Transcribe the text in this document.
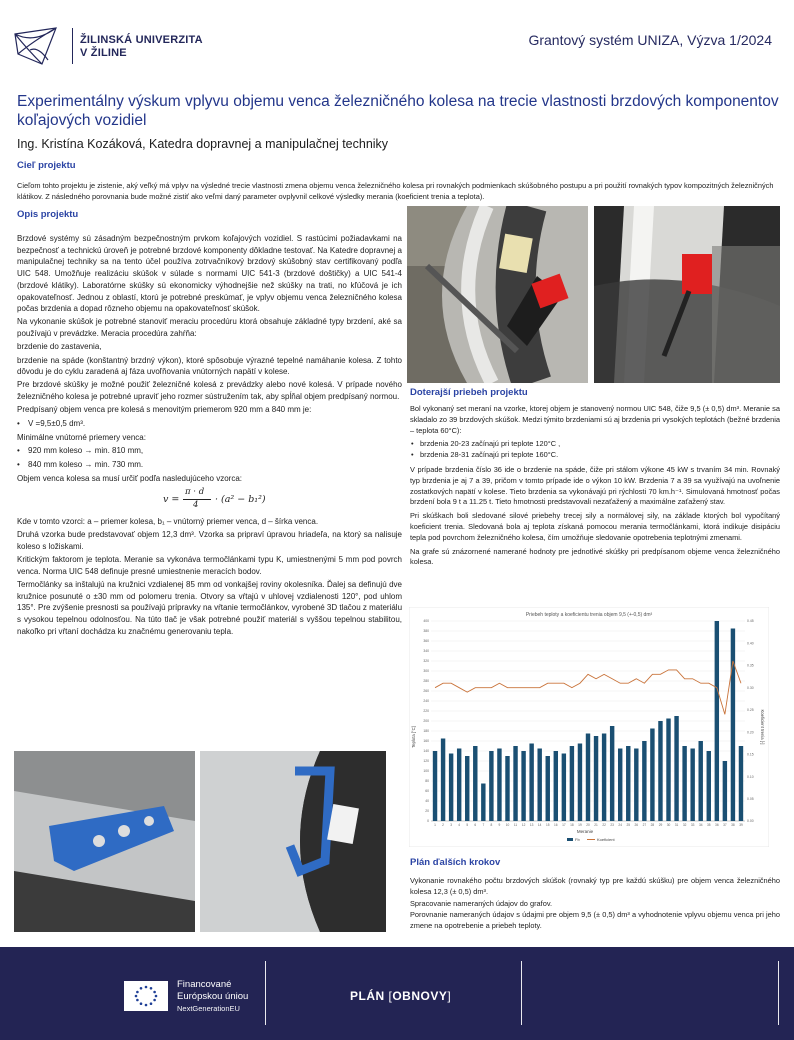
ŽILINSKÁ UNIVERZITA
V ŽILINE
Grantový systém UNIZA, Výzva 1/2024
Experimentálny výskum vplyvu objemu venca železničného kolesa na trecie vlastnosti brzdových komponentov koľajových vozidiel
Ing. Kristína Kozáková, Katedra dopravnej a manipulačnej techniky
Cieľ projektu
Cieľom tohto projektu je zistenie, aký veľký má vplyv na výsledné trecie vlastnosti zmena objemu venca železničného kolesa pri rovnakých podmienkach skúšobného postupu a pri použití rovnakých typov kompozitných železničných klátikov. Z následného porovnania bude možné zistiť ako veľmi daný parameter ovplyvnil celkové výsledky merania (koeficient trenia a teplota).
Opis projektu
Brzdové systémy sú zásadným bezpečnostným prvkom koľajových vozidiel. S rastúcimi požiadavkami na bezpečnosť a technickú úroveň je potrebné brzdové komponenty dôkladne testovať. Na Katedre dopravnej a manipulačnej techniky sa na tento účel používa zotrvačníkový brzdový skúšobný stav certifikovaný podľa UIC 548. Umožňuje realizáciu skúšok v súlade s normami UIC 541-3 (brzdové doštičky) a UIC 541-4 (brzdové klátiky). Laboratórne skúšky sú ekonomicky výhodnejšie než skúšky na trati, no kľúčová je ich opakovateľnosť. Jednou z oblastí, ktorú je potrebné preskúmať, je vplyv objemu venca železničného kolesa počas brzdenia a dopad rôzneho objemu na opakovateľnosť skúšok.
Na vykonanie skúšok je potrebné stanoviť meraciu procedúru ktorá obsahuje základné typy brzdení, aké sa používajú v prevádzke. Meracia procedúra zahŕňa:
brzdenie do zastavenia,
brzdenie na spáde (konštantný brzdný výkon), ktoré spôsobuje výrazné tepelné namáhanie kolesa. Z tohto dôvodu je do cyklu zaradená aj fáza uvoľňovania vnútorných napätí v kolese.
Pre brzdové skúšky je možné použiť železničné kolesá z prevádzky alebo nové kolesá. V prípade nového železničného kolesa je potrebné upraviť jeho rozmer sústružením tak, aby spĺňal objem predpísaný normou.
Predpísaný objem venca pre kolesá s menovitým priemerom 920 mm a 840 mm je:
• V =9,5±0,5 dm³.
Minimálne vnútorné priemery venca:
• 920 mm koleso → min. 810 mm,
• 840 mm koleso → min. 730 mm.
Objem venca kolesa sa musí určiť podľa nasledujúceho vzorca:
v =
π · d
4 · (a² − b₁²)
Kde v tomto vzorci: a – priemer kolesa, b₁ – vnútorný priemer venca, d – šírka venca.
Druhá vzorka bude predstavovať objem 12,3 dm³. Vzorka sa pripraví úpravou hriadeľa, na ktorý sa nalisuje koleso s ložiskami.
Kritickým faktorom je teplota. Meranie sa vykonáva termočlánkami typu K, umiestnenými 5 mm pod povrch venca. Norma UIC 548 definuje presné umiestnenie meracích bodov.
Termočlánky sa inštalujú na kružnici vzdialenej 85 mm od vonkajšej roviny okolesníka. Ďalej sa definujú dve kružnice posunuté o ±30 mm od polomeru trenia. Otvory sa vŕtajú v uhlovej vzdialenosti 120°, pod uhlom 135°. Pre zvýšenie presnosti sa používajú prípravky na vŕtanie termočlánkov, vyrobené 3D tlačou z materiálu s vysokou tepelnou odolnosťou. Na túto tlač je však potrebné použiť materiál s vyššou tepelnou stabilitou, nakoľko pri vŕtaní dochádza ku značnému generovaniu tepla.
Doterajší priebeh projektu
Bol vykonaný set meraní na vzorke, ktorej objem je stanovený normou UIC 548, čiže 9,5 (± 0,5) dm³. Meranie sa skladalo zo 39 brzdových skúšok. Medzi týmito brzdeniami sú aj brzdenia pri vysokých teplotách (bežné brzdenia – teplota 60°C):
• brzdenia 20-23 začínajú pri teplote 120°C ,
• brzdenia 28-31 začínajú pri teplote 160°C.
V prípade brzdenia číslo 36 ide o brzdenie na spáde, čiže pri stálom výkone 45 kW s trvaním 34 min. Rovnaký typ brzdenia je aj 7 a 39, pričom v tomto prípade ide o výkon 10 kW. Brzdenia 7 a 39 sa využívajú na uvoľnenie zostatkových napätí v kolese. Tieto brzdenia sa vykonávajú pri rýchlosti 70 km.h⁻¹. Simulovaná hmotnosť počas brzdení bola 9 t a 11.25 t. Tieto hmotnosti predstavovali nezaťažený a maximálne zaťažený stav.
Pri skúškach boli sledované silové priebehy trecej sily a normálovej sily, na základe ktorých bol vypočítaný koeficient trenia. Sledovaná bola aj teplota získaná pomocou merania termočlánkami, ktorá indikuje disipáciu tepla pod povrchom železničného kolesa, čím umožňuje sledovanie opotrebenia teplotnými zmenami.
Na grafe sú znázornené namerané hodnoty pre jednotlivé skúšky pri predpísanom objeme venca železničného kolesa.
Priebeh teploty a koeficientu trenia objem 9,5 (+-0,5) dm³
Teplota [°C]	Koeficient trenia [-]
Meranie
0
20
40
60
80
100
120
140
160
180
200
220
240
260
280
300
320
340
360
380
400
0.00
0.05
0.10
0.15
0.20
0.25
0.30
0.35
0.40
0.45
1 2 3 4 5 6 7 8 9 10 11 12 13 14 15 16 17 18 19 20 21 22 23 24 25 26 27 28 29 30 31 32 33 34 35 36 37 38 39
Fb	Koeficient
Plán ďalších krokov
Vykonanie rovnakého počtu brzdových skúšok (rovnaký typ pre každú skúšku) pre objem venca železničného kolesa 12,3 (± 0,5) dm³.
Spracovanie nameraných údajov do grafov.
Porovnanie nameraných údajov s údajmi pre objem 9,5 (± 0,5) dm³ a vyhodnotenie vplyvu objemu venca pri jeho zmene na opotrebenie a priebeh teploty.
Financované
Európskou úniou
NextGenerationEU
PLÁN [OBNOVY]
